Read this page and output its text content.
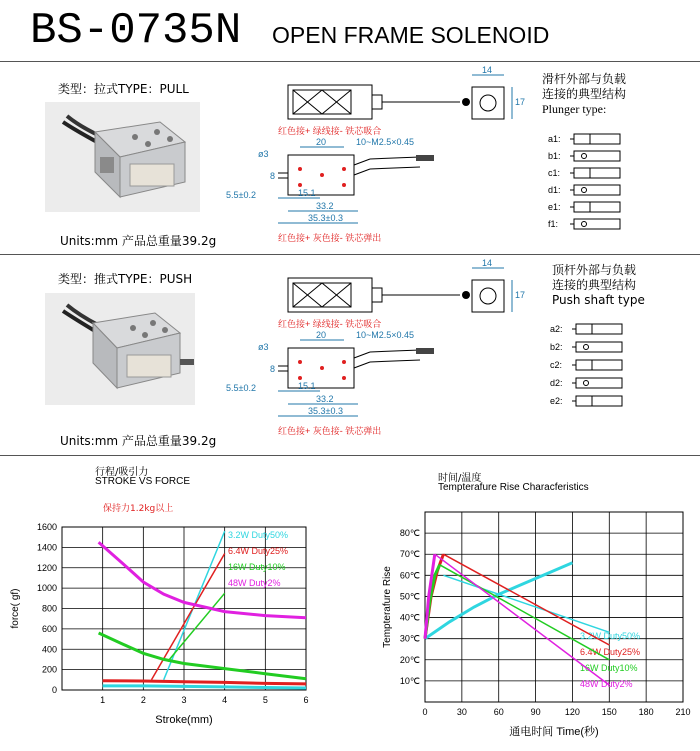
BS-0735N OPEN FRAME SOLENOID
类型：拉式TYPE：PULL
Units:mm 产品总重量39.2g
14
17
红色接+ 绿线接- 铁芯吸合
20	10~M2.5×0.45
ø3
8
5.5±0.2	15.1
33.2
35.3±0.3
红色接+ 灰色接- 铁芯弹出
滑杆外部与负载
连接的典型结构
Plunger type:
a1:
b1:
c1:
d1:
e1:
f1:
类型：推式TYPE：PUSH
Units:mm 产品总重量39.2g
14
17
红色接+ 绿线接- 铁芯吸合
20	10~M2.5×0.45
ø3
8
5.5±0.2	15.1
33.2
35.3±0.3
红色接+ 灰色接- 铁芯弹出
顶杆外部与负载
连接的典型结构
Push shaft type
a2:
b2:
c2:
d2:
e2:
行程/吸引力
STROKE VS FORCE
保持力1.2kg以上
1	2	3	4	5	6
0
200
400
600
800
1000
1200
1400
1600
3.2W Duty50%
6.4W Duty25%
16W Duty10%
48W Duty2%
Stroke(mm)
force( gf)
时间/温度
Tempterafure Rise Characferistics
0	30	60	90	120 150 180 210
10℃
20℃
30℃
40℃
50℃
60℃
70℃
80℃
3.2W Duty50%
6.4W Duty25%
16W Duty10%
48W Duty2%
通电时间 Time(秒)
Tempterafure Rise
